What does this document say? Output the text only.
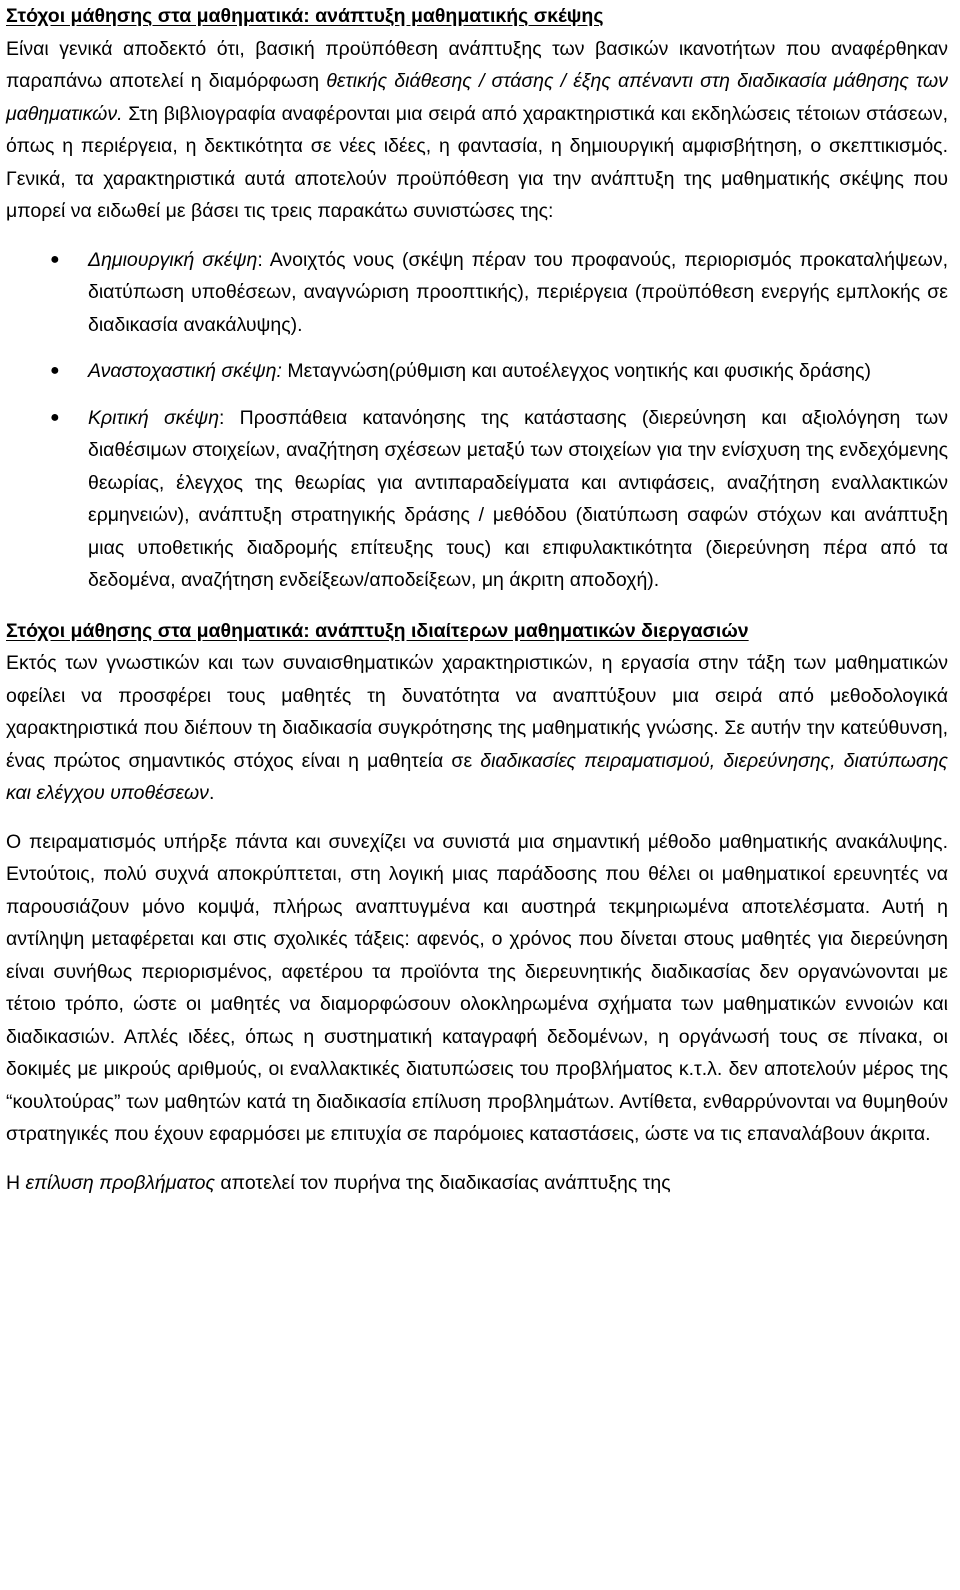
Στόχοι μάθησης στα μαθηματικά: ανάπτυξη μαθηματικής σκέψης

Είναι γενικά αποδεκτό ότι, βασική προϋπόθεση ανάπτυξης των βασικών ικανοτήτων που αναφέρθηκαν παραπάνω αποτελεί η διαμόρφωση θετικής διάθεσης / στάσης / έξης απέναντι στη διαδικασία μάθησης των μαθηματικών. Στη βιβλιογραφία αναφέρονται μια σειρά από χαρακτηριστικά και εκδηλώσεις τέτοιων στάσεων, όπως η περιέργεια, η δεκτικότητα σε νέες ιδέες, η φαντασία, η δημιουργική αμφισβήτηση, ο σκεπτικισμός. Γενικά, τα χαρακτηριστικά αυτά αποτελούν προϋπόθεση για την ανάπτυξη της μαθηματικής σκέψης που μπορεί να ειδωθεί με βάσει τις τρεις παρακάτω συνιστώσες της:

● Δημιουργική σκέψη: Ανοιχτός νους (σκέψη πέραν του προφανούς, περιορισμός προκαταλήψεων, διατύπωση υποθέσεων, αναγνώριση προοπτικής), περιέργεια (προϋπόθεση ενεργής εμπλοκής σε διαδικασία ανακάλυψης).
● Αναστοχαστική σκέψη: Μεταγνώση(ρύθμιση και αυτοέλεγχος νοητικής και φυσικής δράσης)
● Κριτική σκέψη: Προσπάθεια κατανόησης της κατάστασης (διερεύνηση και αξιολόγηση των διαθέσιμων στοιχείων, αναζήτηση σχέσεων μεταξύ των στοιχείων για την ενίσχυση της ενδεχόμενης θεωρίας, έλεγχος της θεωρίας για αντιπαραδείγματα και αντιφάσεις, αναζήτηση εναλλακτικών ερμηνειών), ανάπτυξη στρατηγικής δράσης / μεθόδου (διατύπωση σαφών στόχων και ανάπτυξη μιας υποθετικής διαδρομής επίτευξης τους) και επιφυλακτικότητα (διερεύνηση πέρα από τα δεδομένα, αναζήτηση ενδείξεων/αποδείξεων, μη άκριτη αποδοχή).

Στόχοι μάθησης στα μαθηματικά: ανάπτυξη ιδιαίτερων μαθηματικών διεργασιών

Εκτός των γνωστικών και των συναισθηματικών χαρακτηριστικών, η εργασία στην τάξη των μαθηματικών οφείλει να προσφέρει τους μαθητές τη δυνατότητα να αναπτύξουν μια σειρά από μεθοδολογικά χαρακτηριστικά που διέπουν τη διαδικασία συγκρότησης της μαθηματικής γνώσης. Σε αυτήν την κατεύθυνση, ένας πρώτος σημαντικός στόχος είναι η μαθητεία σε διαδικασίες πειραματισμού, διερεύνησης, διατύπωσης και ελέγχου υποθέσεων.

Ο πειραματισμός υπήρξε πάντα και συνεχίζει να συνιστά μια σημαντική μέθοδο μαθηματικής ανακάλυψης. Εντούτοις, πολύ συχνά αποκρύπτεται, στη λογική μιας παράδοσης που θέλει οι μαθηματικοί ερευνητές να παρουσιάζουν μόνο κομψά, πλήρως αναπτυγμένα και αυστηρά τεκμηριωμένα αποτελέσματα. Αυτή η αντίληψη μεταφέρεται και στις σχολικές τάξεις: αφενός, ο χρόνος που δίνεται στους μαθητές για διερεύνηση είναι συνήθως περιορισμένος, αφετέρου τα προϊόντα της διερευνητικής διαδικασίας δεν οργανώνονται με τέτοιο τρόπο, ώστε οι μαθητές να διαμορφώσουν ολοκληρωμένα σχήματα των μαθηματικών εννοιών και διαδικασιών. Απλές ιδέες, όπως η συστηματική καταγραφή δεδομένων, η οργάνωσή τους σε πίνακα, οι δοκιμές με μικρούς αριθμούς, οι εναλλακτικές διατυπώσεις του προβλήματος κ.τ.λ. δεν αποτελούν μέρος της “κουλτούρας” των μαθητών κατά τη διαδικασία επίλυση προβλημάτων. Αντίθετα, ενθαρρύνονται να θυμηθούν στρατηγικές που έχουν εφαρμόσει με επιτυχία σε παρόμοιες καταστάσεις, ώστε να τις επαναλάβουν άκριτα.

Η επίλυση προβλήματος αποτελεί τον πυρήνα της διαδικασίας ανάπτυξης της
